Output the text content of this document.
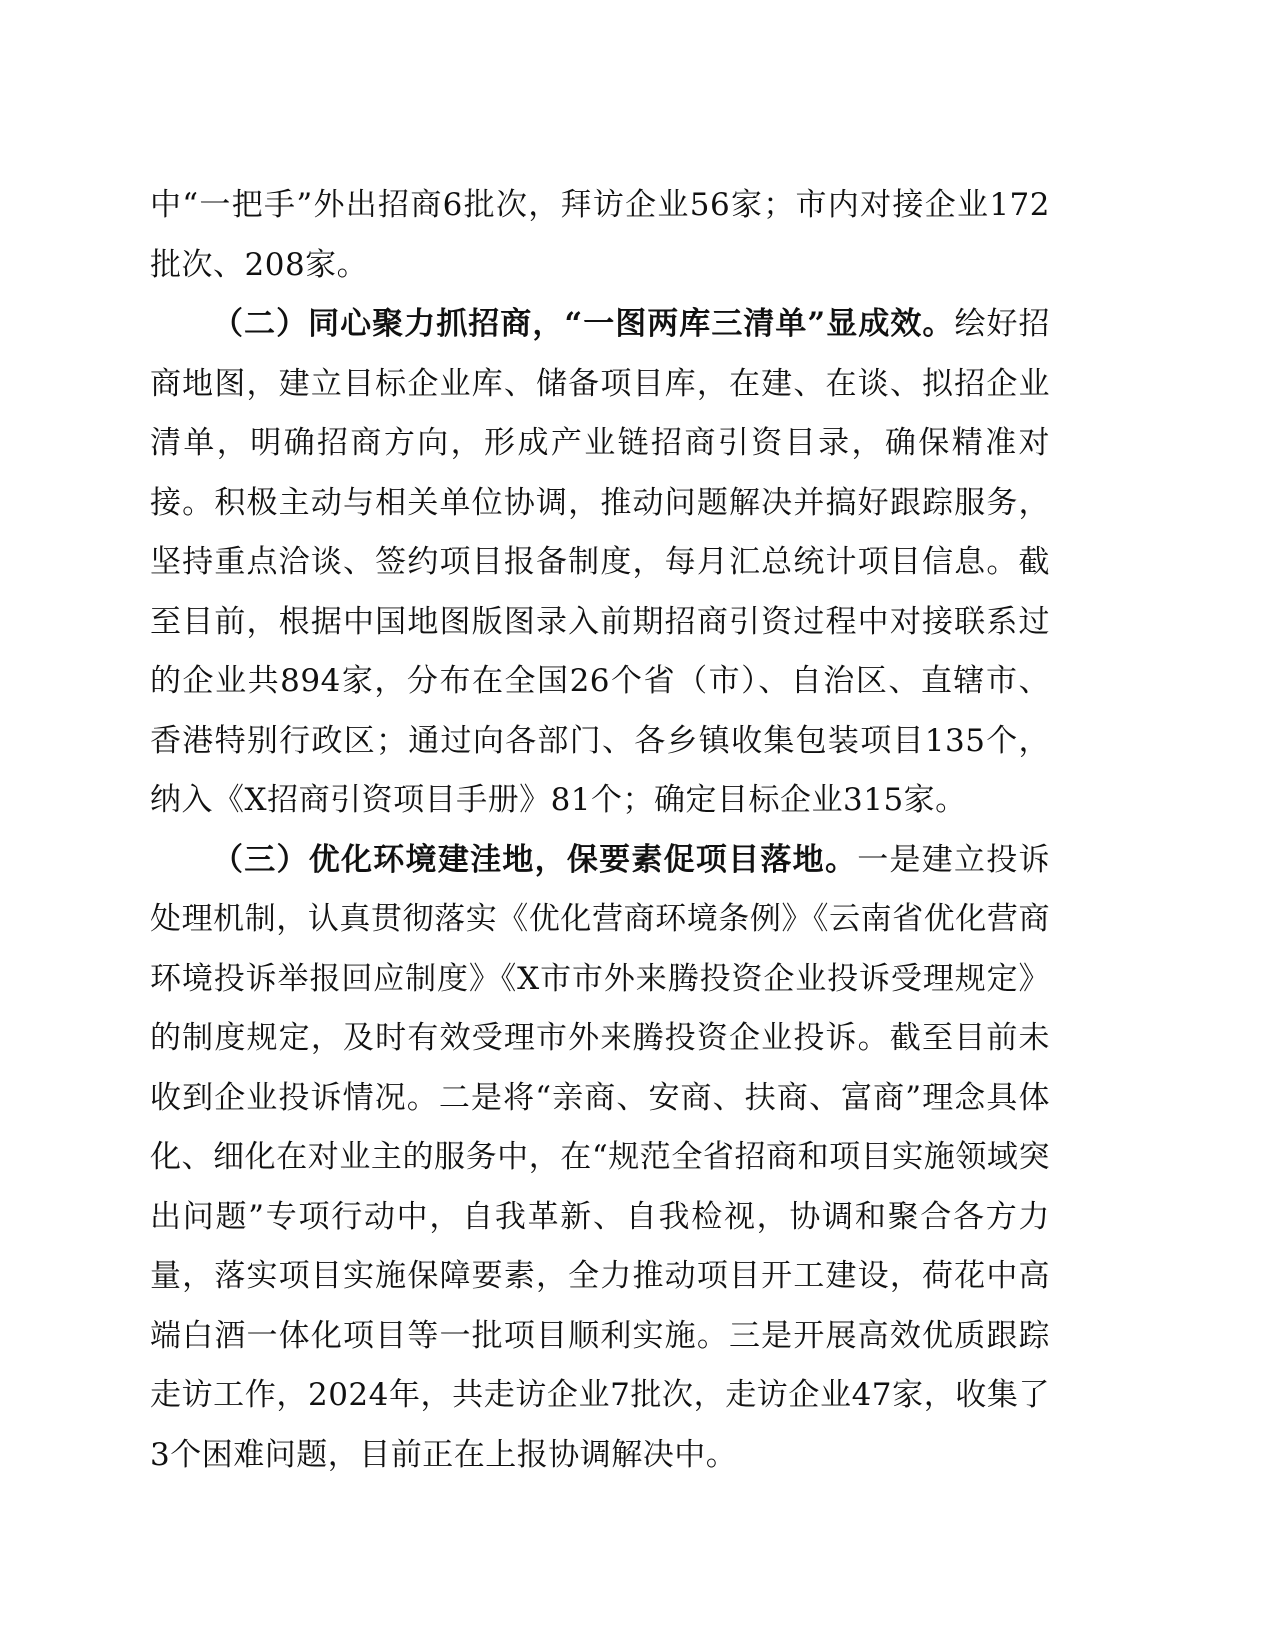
中“一把手”外出招商6批次，拜访企业56家；市内对接企业172批次、208家。

（二）同心聚力抓招商，“一图两库三清单”显成效。绘好招商地图，建立目标企业库、储备项目库，在建、在谈、拟招企业清单，明确招商方向，形成产业链招商引资目录，确保精准对接。积极主动与相关单位协调，推动问题解决并搞好跟踪服务，坚持重点洽谈、签约项目报备制度，每月汇总统计项目信息。截至目前，根据中国地图版图录入前期招商引资过程中对接联系过的企业共894家，分布在全国26个省（市）、自治区、直辖市、香港特别行政区；通过向各部门、各乡镇收集包装项目135个，纳入《X招商引资项目手册》81个；确定目标企业315家。

（三）优化环境建洼地，保要素促项目落地。一是建立投诉处理机制，认真贯彻落实《优化营商环境条例》《云南省优化营商环境投诉举报回应制度》《X市市外来腾投资企业投诉受理规定》的制度规定，及时有效受理市外来腾投资企业投诉。截至目前未收到企业投诉情况。二是将“亲商、安商、扶商、富商”理念具体化、细化在对业主的服务中，在“规范全省招商和项目实施领域突出问题”专项行动中，自我革新、自我检视，协调和聚合各方力量，落实项目实施保障要素，全力推动项目开工建设，荷花中高端白酒一体化项目等一批项目顺利实施。三是开展高效优质跟踪走访工作，2024年，共走访企业7批次，走访企业47家，收集了3个困难问题，目前正在上报协调解决中。
